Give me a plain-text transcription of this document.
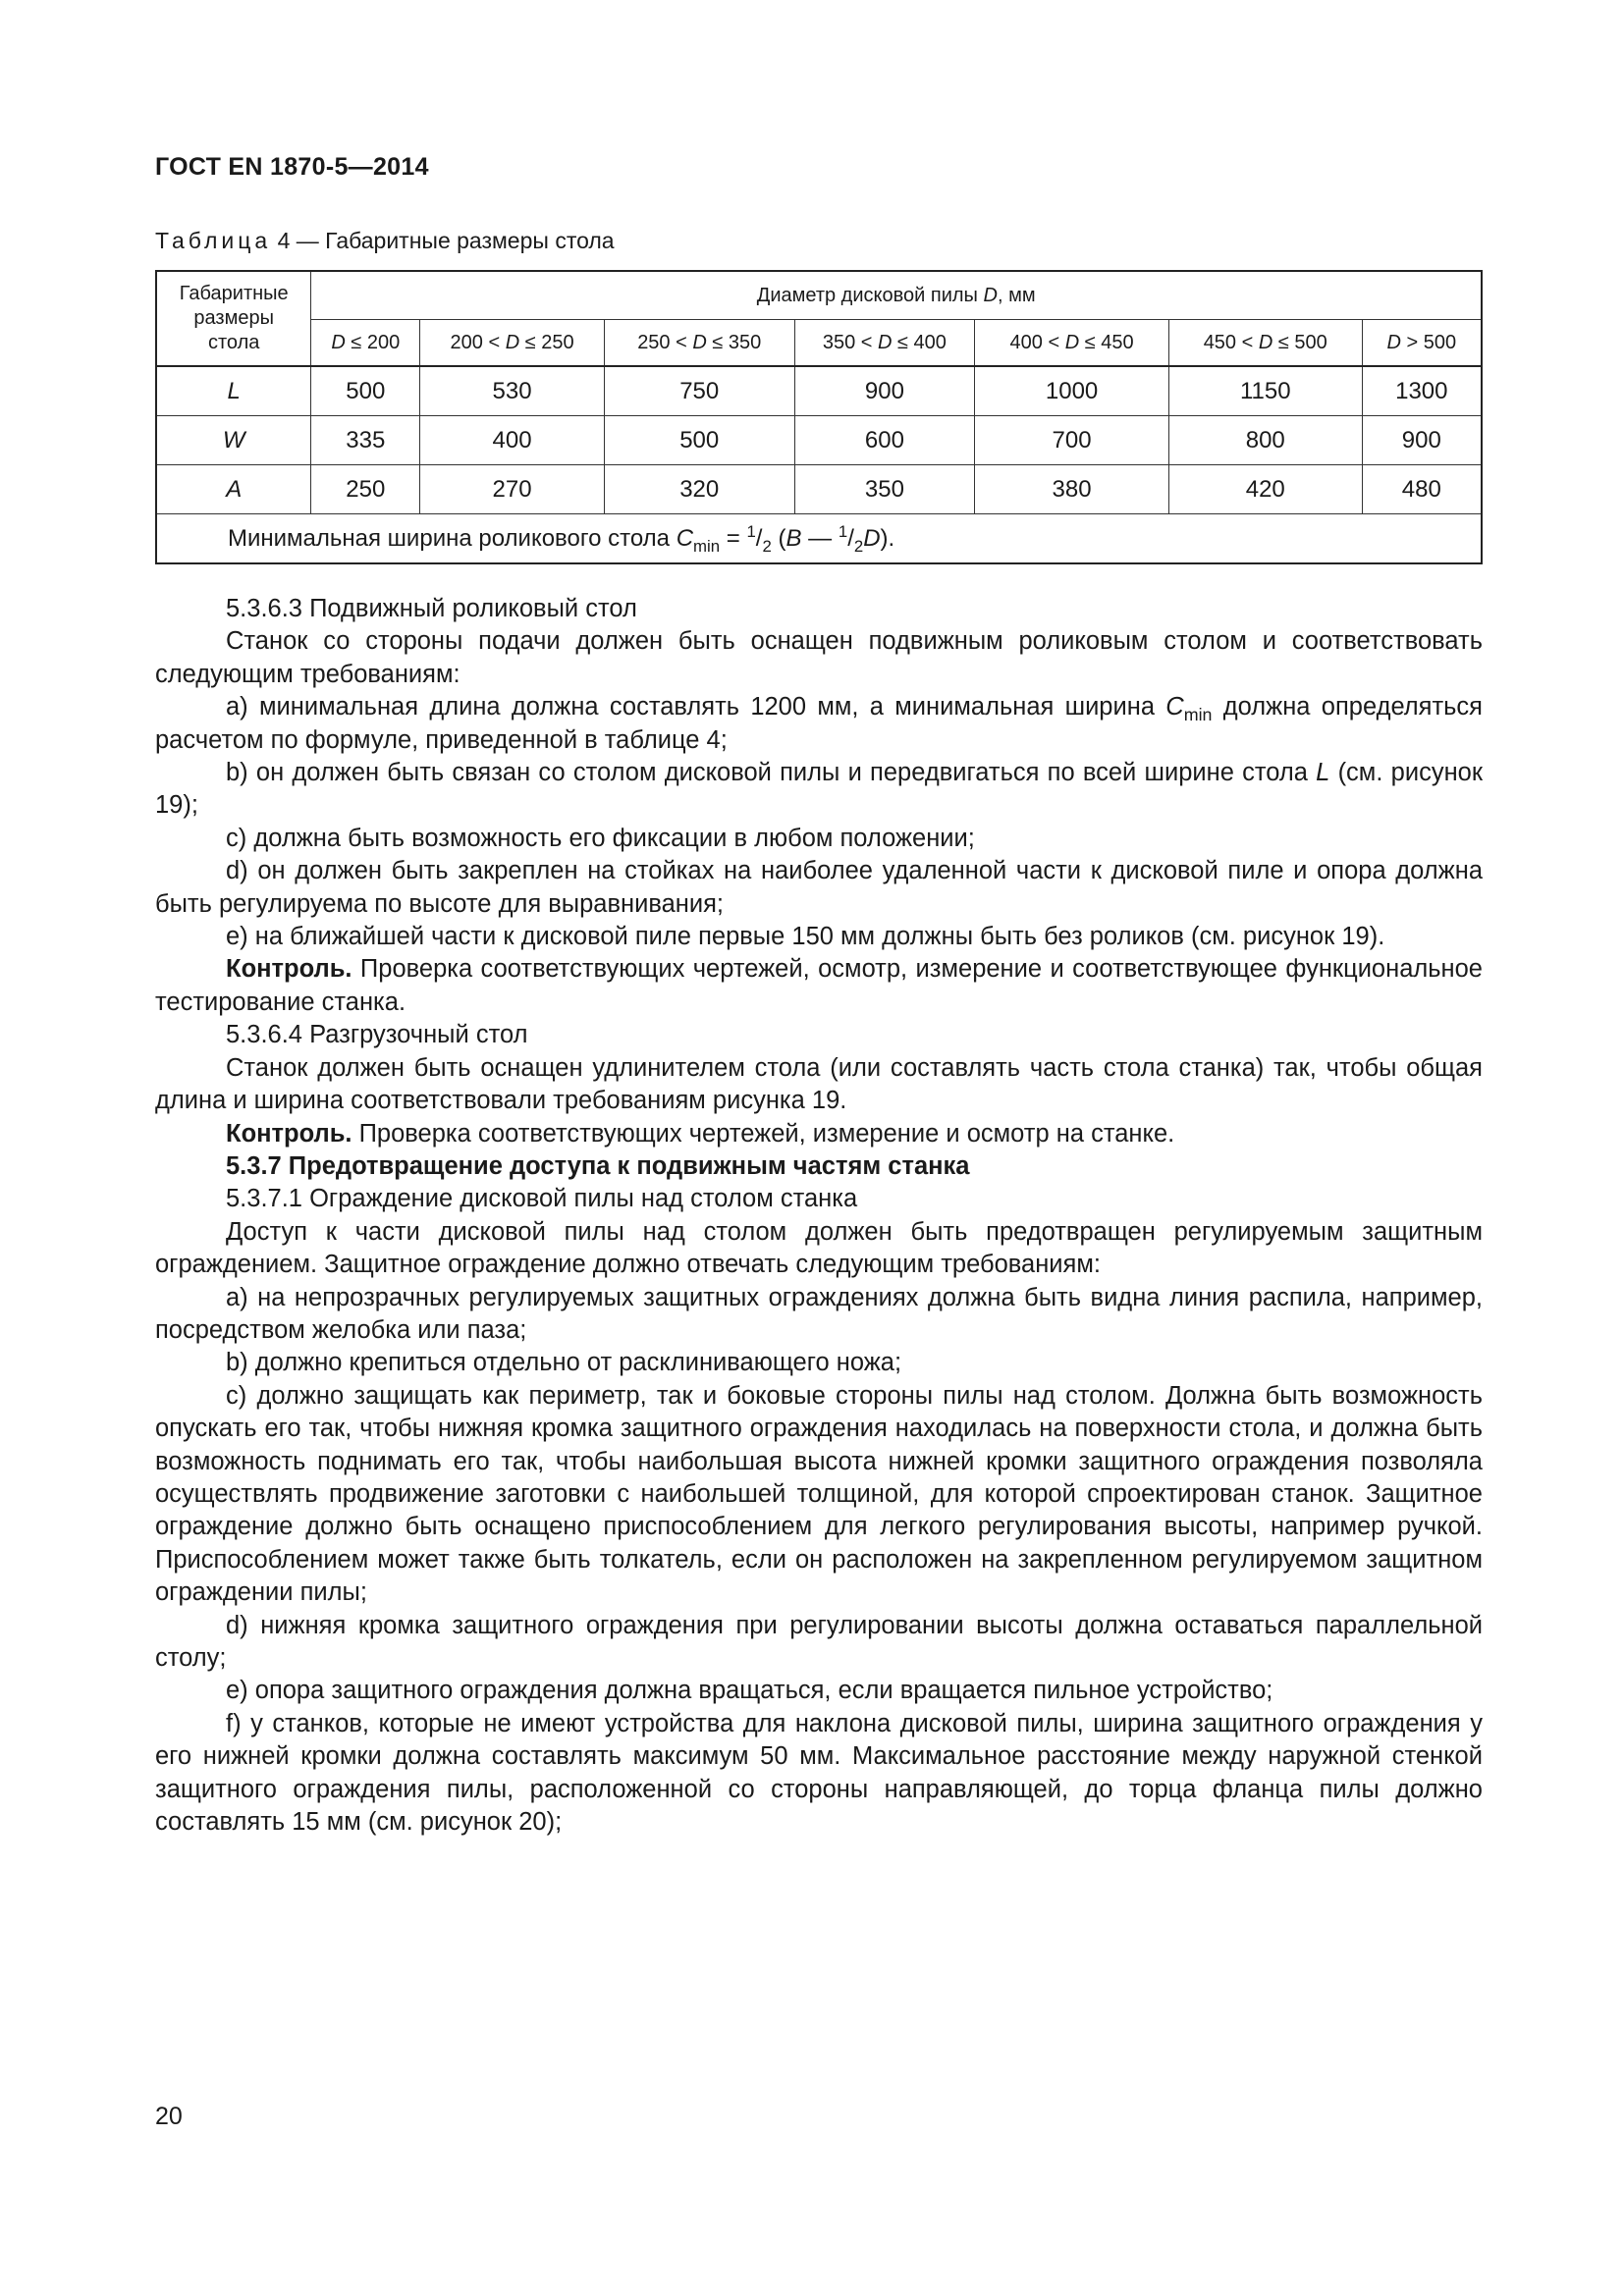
ГОСТ EN 1870-5—2014
Таблица 4 — Габаритные размеры стола
Габаритные
размеры
стола	Диаметр дисковой пилы D, мм						
	D ≤ 200	200 < D ≤ 250	250 < D ≤ 350	350 < D ≤ 400	400 < D ≤ 450	450 < D ≤ 500	D > 500
L	500	530	750	900	1000	1150	1300
W	335	400	500	600	700	800	900
A	250	270	320	350	380	420	480
Минимальная ширина роликового стола $C_{min} = ^1/_2$ (B — $^1/_2D$).							

5.3.6.3 Подвижный роликовый стол

Станок со стороны подачи должен быть оснащен подвижным роликовым столом и соответствовать следующим требованиям:

a) минимальная длина должна составлять 1200 мм, а минимальная ширина $C_{min}$ должна определяться расчетом по формуле, приведенной в таблице 4;

b) он должен быть связан со столом дисковой пилы и передвигаться по всей ширине стола L (см. рисунок 19);

c) должна быть возможность его фиксации в любом положении;

d) он должен быть закреплен на стойках на наиболее удаленной части к дисковой пиле и опора должна быть регулируема по высоте для выравнивания;

e) на ближайшей части к дисковой пиле первые 150 мм должны быть без роликов (см. рисунок 19).

Контроль. Проверка соответствующих чертежей, осмотр, измерение и соответствующее функциональное тестирование станка.

5.3.6.4 Разгрузочный стол

Станок должен быть оснащен удлинителем стола (или составлять часть стола станка) так, чтобы общая длина и ширина соответствовали требованиям рисунка 19.

Контроль. Проверка соответствующих чертежей, измерение и осмотр на станке.

5.3.7 Предотвращение доступа к подвижным частям станка

5.3.7.1 Ограждение дисковой пилы над столом станка

Доступ к части дисковой пилы над столом должен быть предотвращен регулируемым защитным ограждением. Защитное ограждение должно отвечать следующим требованиям:

a) на непрозрачных регулируемых защитных ограждениях должна быть видна линия распила, например, посредством желобка или паза;

b) должно крепиться отдельно от расклинивающего ножа;

c) должно защищать как периметр, так и боковые стороны пилы над столом. Должна быть возможность опускать его так, чтобы нижняя кромка защитного ограждения находилась на поверхности стола, и должна быть возможность поднимать его так, чтобы наибольшая высота нижней кромки защитного ограждения позволяла осуществлять продвижение заготовки с наибольшей толщиной, для которой спроектирован станок. Защитное ограждение должно быть оснащено приспособлением для легкого регулирования высоты, например ручкой. Приспособлением может также быть толкатель, если он расположен на закрепленном регулируемом защитном ограждении пилы;

d) нижняя кромка защитного ограждения при регулировании высоты должна оставаться параллельной столу;

e) опора защитного ограждения должна вращаться, если вращается пильное устройство;

f) у станков, которые не имеют устройства для наклона дисковой пилы, ширина защитного ограждения у его нижней кромки должна составлять максимум 50 мм. Максимальное расстояние между наружной стенкой защитного ограждения пилы, расположенной со стороны направляющей, до торца фланца пилы должно составлять 15 мм (см. рисунок 20);

20
